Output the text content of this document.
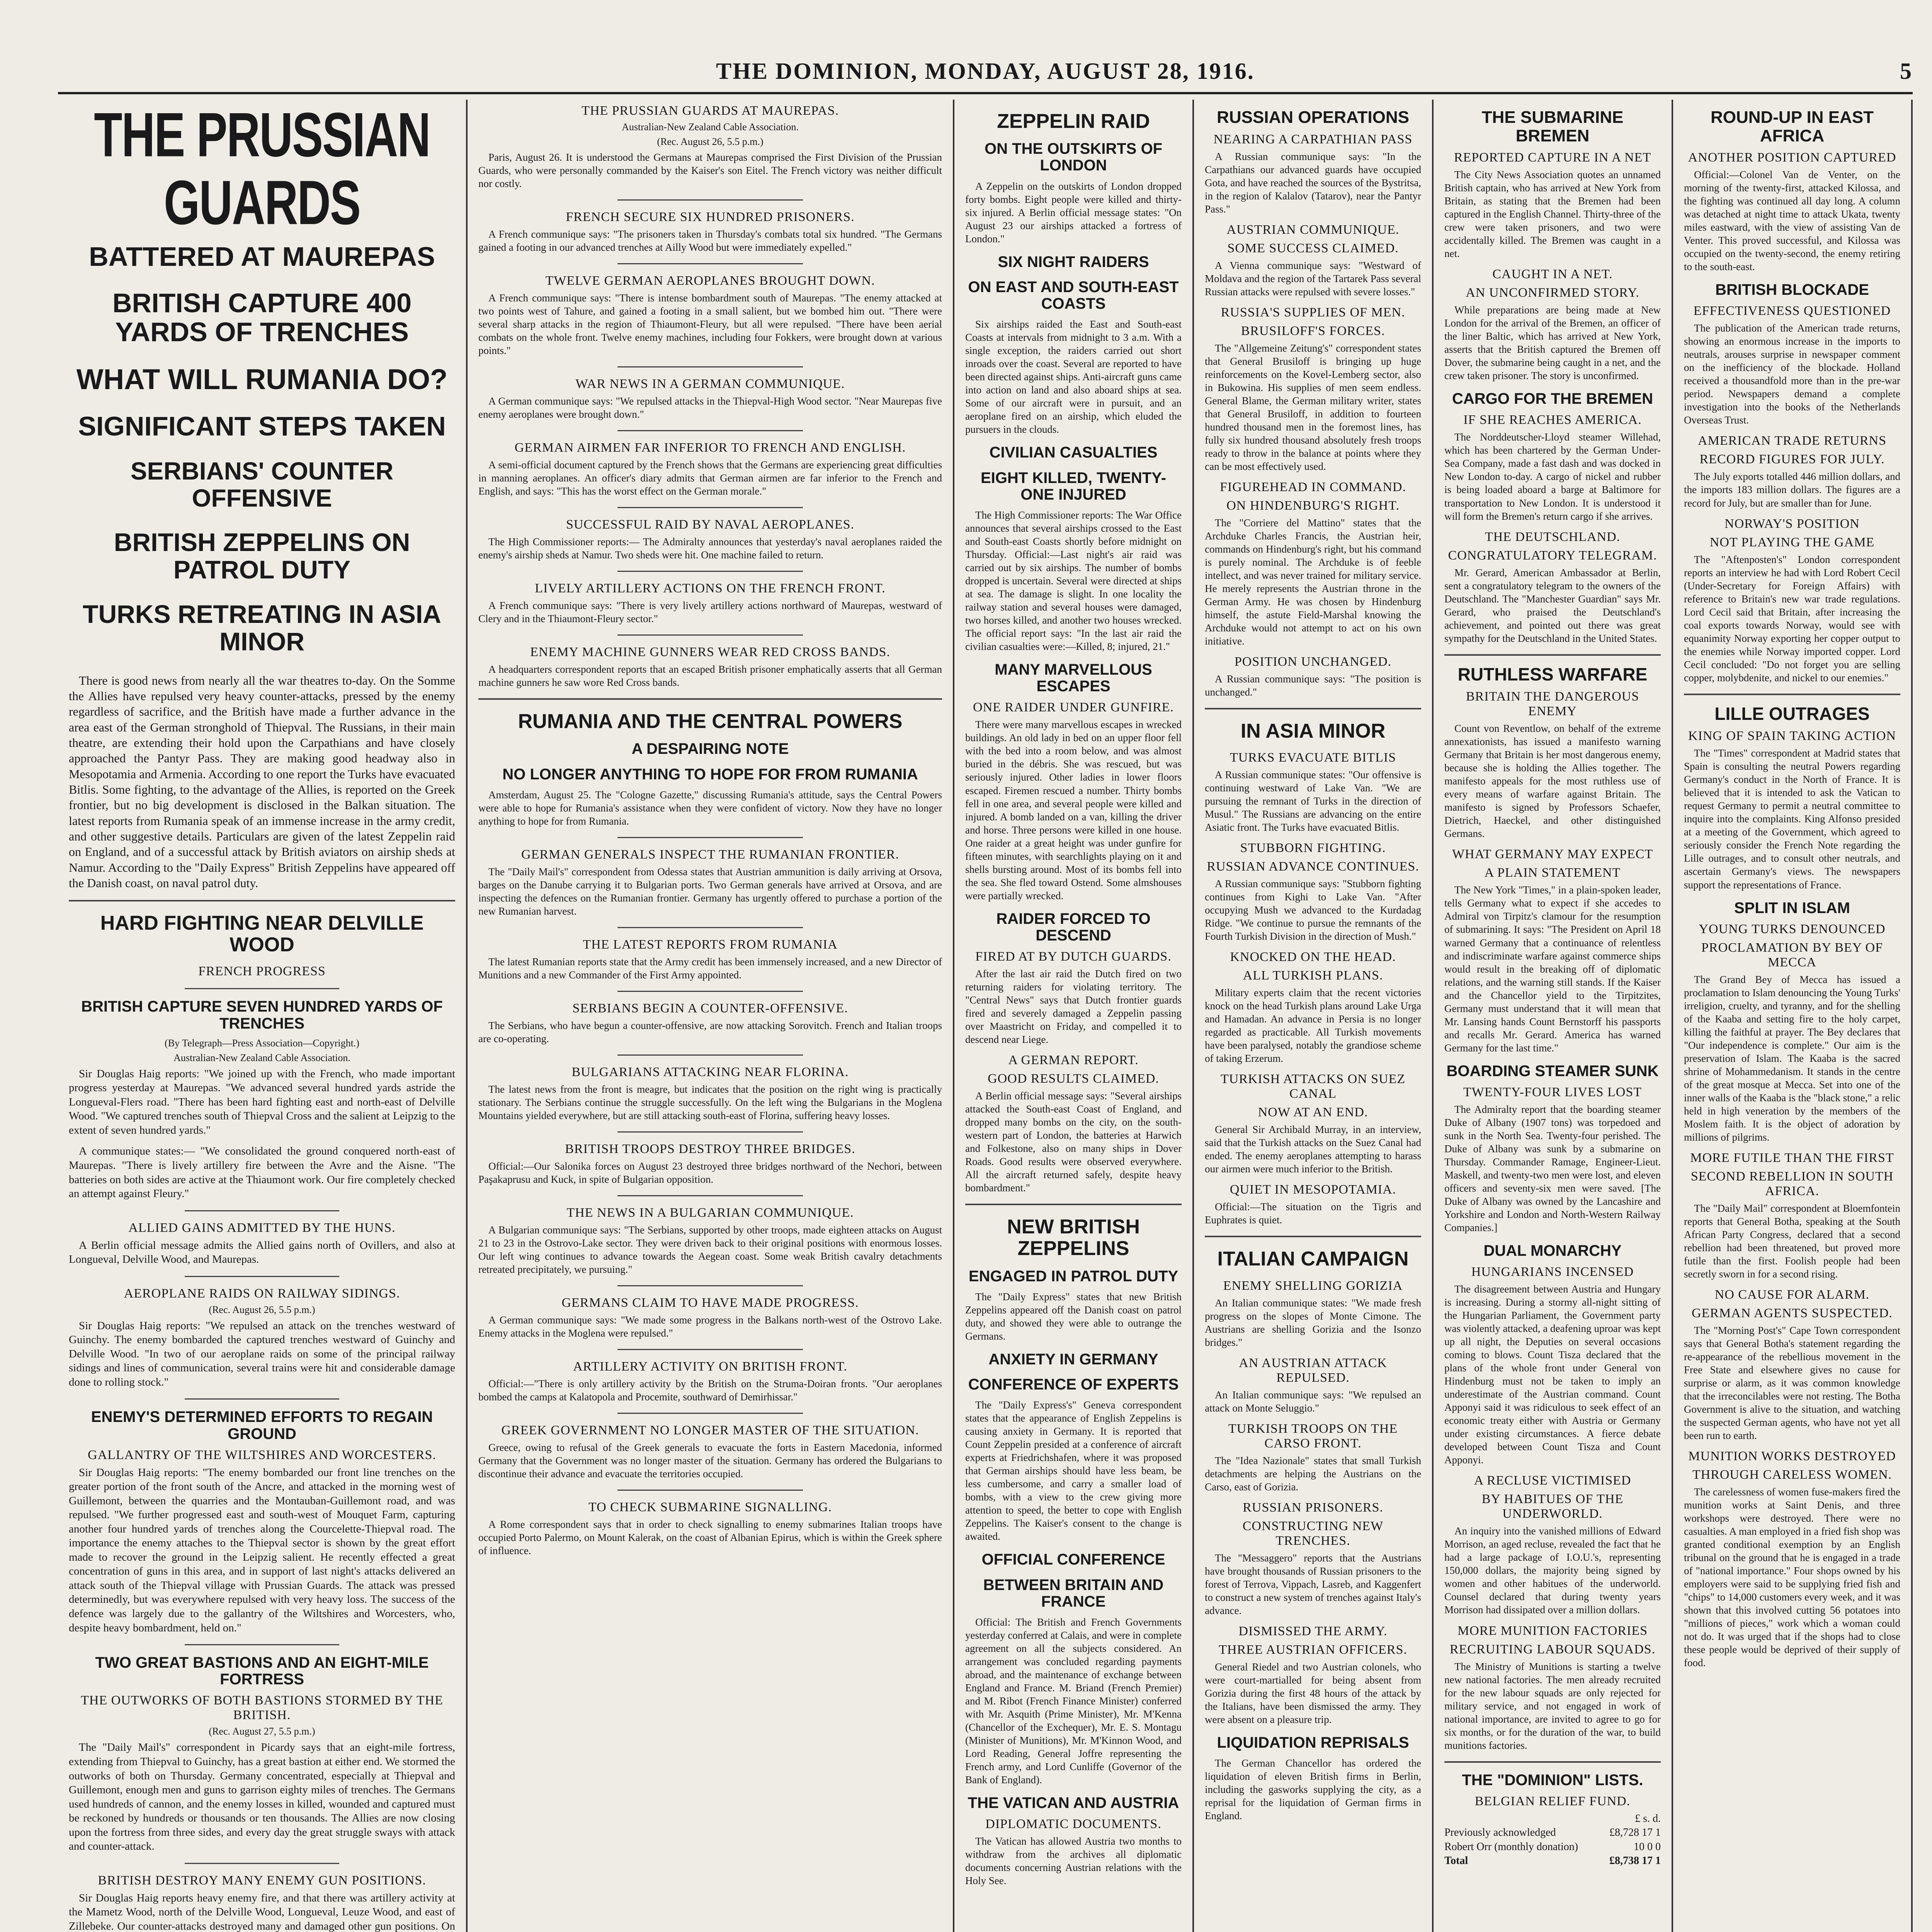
THE DOMINION, MONDAY, AUGUST 28, 1916.	5
THE PRUSSIAN GUARDS
BATTERED AT MAUREPAS
BRITISH CAPTURE 400 YARDS OF TRENCHES
WHAT WILL RUMANIA DO?
SIGNIFICANT STEPS TAKEN
SERBIANS' COUNTER OFFENSIVE
BRITISH ZEPPELINS ON PATROL DUTY
TURKS RETREATING IN ASIA MINOR

There is good news from nearly all the war theatres to-day. On the Somme the Allies have repulsed very heavy counter-attacks, pressed by the enemy regardless of sacrifice, and the British have made a further advance in the area east of the German stronghold of Thiepval. The Russians, in their main theatre, are extending their hold upon the Carpathians and have closely approached the Pantyr Pass. They are making good headway also in Mesopotamia and Armenia. According to one report the Turks have evacuated Bitlis. Some fighting, to the advantage of the Allies, is reported on the Greek frontier, but no big development is disclosed in the Balkan situation. The latest reports from Rumania speak of an immense increase in the army credit, and other suggestive details. Particulars are given of the latest Zeppelin raid on England, and of a successful attack by British aviators on airship sheds at Namur. According to the "Daily Express" British Zeppelins have appeared off the Danish coast, on naval patrol duty.

HARD FIGHTING NEAR DELVILLE WOOD
FRENCH PROGRESS
BRITISH CAPTURE SEVEN HUNDRED YARDS OF TRENCHES
(By Telegraph—Press Association—Copyright.)
Australian-New Zealand Cable Association.

Sir Douglas Haig reports: "We joined up with the French, who made important progress yesterday at Maurepas. "We advanced several hundred yards astride the Longueval-Flers road. "There has been hard fighting east and north-east of Delville Wood. "We captured trenches south of Thiepval Cross and the salient at Leipzig to the extent of seven hundred yards."

A communique states:— "We consolidated the ground conquered north-east of Maurepas. "There is lively artillery fire between the Avre and the Aisne. "The batteries on both sides are active at the Thiaumont work. Our fire completely checked an attempt against Fleury."

ALLIED GAINS ADMITTED BY THE HUNS.

A Berlin official message admits the Allied gains north of Ovillers, and also at Longueval, Delville Wood, and Maurepas.

AEROPLANE RAIDS ON RAILWAY SIDINGS.
(Rec. August 26, 5.5 p.m.)

Sir Douglas Haig reports: "We repulsed an attack on the trenches westward of Guinchy. The enemy bombarded the captured trenches westward of Guinchy and Delville Wood. "In two of our aeroplane raids on some of the principal railway sidings and lines of communication, several trains were hit and considerable damage done to rolling stock."

ENEMY'S DETERMINED EFFORTS TO REGAIN GROUND
GALLANTRY OF THE WILTSHIRES AND WORCESTERS.

Sir Douglas Haig reports: "The enemy bombarded our front line trenches on the greater portion of the front south of the Ancre, and attacked in the morning west of Guillemont, between the quarries and the Montauban-Guillemont road, and was repulsed. "We further progressed east and south-west of Mouquet Farm, capturing another four hundred yards of trenches along the Courcelette-Thiepval road. The importance the enemy attaches to the Thiepval sector is shown by the great effort made to recover the ground in the Leipzig salient. He recently effected a great concentration of guns in this area, and in support of last night's attacks delivered an attack south of the Thiepval village with Prussian Guards. The attack was pressed determinedly, but was everywhere repulsed with very heavy loss. The success of the defence was largely due to the gallantry of the Wiltshires and Worcesters, who, despite heavy bombardment, held on."

TWO GREAT BASTIONS AND AN EIGHT-MILE FORTRESS
THE OUTWORKS OF BOTH BASTIONS STORMED BY THE BRITISH.
(Rec. August 27, 5.5 p.m.)

The "Daily Mail's" correspondent in Picardy says that an eight-mile fortress, extending from Thiepval to Guinchy, has a great bastion at either end. We stormed the outworks of both on Thursday. Germany concentrated, especially at Thiepval and Guillemont, enough men and guns to garrison eighty miles of trenches. The Germans used hundreds of cannon, and the enemy losses in killed, wounded and captured must be reckoned by hundreds or thousands or ten thousands. The Allies are now closing upon the fortress from three sides, and every day the great struggle sways with attack and counter-attack.

BRITISH DESTROY MANY ENEMY GUN POSITIONS.

Sir Douglas Haig reports heavy enemy fire, and that there was artillery activity at the Mametz Wood, north of the Delville Wood, Longueval, Leuze Wood, and east of Zillebeke. Our counter-attacks destroyed many and damaged other gun positions. On

THE PRUSSIAN GUARDS AT MAUREPAS.
Australian-New Zealand Cable Association.
(Rec. August 26, 5.5 p.m.)

Paris, August 26. It is understood the Germans at Maurepas comprised the First Division of the Prussian Guards, who were personally commanded by the Kaiser's son Eitel. The French victory was neither difficult nor costly.

FRENCH SECURE SIX HUNDRED PRISONERS.

A French communique says: "The prisoners taken in Thursday's combats total six hundred. "The Germans gained a footing in our advanced trenches at Ailly Wood but were immediately expelled."

TWELVE GERMAN AEROPLANES BROUGHT DOWN.

A French communique says: "There is intense bombardment south of Maurepas. "The enemy attacked at two points west of Tahure, and gained a footing in a small salient, but we bombed him out. "There were several sharp attacks in the region of Thiaumont-Fleury, but all were repulsed. "There have been aerial combats on the whole front. Twelve enemy machines, including four Fokkers, were brought down at various points."

WAR NEWS IN A GERMAN COMMUNIQUE.

A German communique says: "We repulsed attacks in the Thiepval-High Wood sector. "Near Maurepas five enemy aeroplanes were brought down."

GERMAN AIRMEN FAR INFERIOR TO FRENCH AND ENGLISH.

A semi-official document captured by the French shows that the Germans are experiencing great difficulties in manning aeroplanes. An officer's diary admits that German airmen are far inferior to the French and English, and says: "This has the worst effect on the German morale."

SUCCESSFUL RAID BY NAVAL AEROPLANES.

The High Commissioner reports:— The Admiralty announces that yesterday's naval aeroplanes raided the enemy's airship sheds at Namur. Two sheds were hit. One machine failed to return.

LIVELY ARTILLERY ACTIONS ON THE FRENCH FRONT.

A French communique says: "There is very lively artillery actions northward of Maurepas, westward of Clery and in the Thiaumont-Fleury sector."

ENEMY MACHINE GUNNERS WEAR RED CROSS BANDS.

A headquarters correspondent reports that an escaped British prisoner emphatically asserts that all German machine gunners he saw wore Red Cross bands.

RUMANIA AND THE CENTRAL POWERS
A DESPAIRING NOTE
NO LONGER ANYTHING TO HOPE FOR FROM RUMANIA

Amsterdam, August 25. The "Cologne Gazette," discussing Rumania's attitude, says the Central Powers were able to hope for Rumania's assistance when they were confident of victory. Now they have no longer anything to hope for from Rumania.

GERMAN GENERALS INSPECT THE RUMANIAN FRONTIER.

The "Daily Mail's" correspondent from Odessa states that Austrian ammunition is daily arriving at Orsova, barges on the Danube carrying it to Bulgarian ports. Two German generals have arrived at Orsova, and are inspecting the defences on the Rumanian frontier. Germany has urgently offered to purchase a portion of the new Rumanian harvest.

THE LATEST REPORTS FROM RUMANIA

The latest Rumanian reports state that the Army credit has been immensely increased, and a new Director of Munitions and a new Commander of the First Army appointed.

SERBIANS BEGIN A COUNTER-OFFENSIVE.

The Serbians, who have begun a counter-offensive, are now attacking Sorovitch. French and Italian troops are co-operating.

BULGARIANS ATTACKING NEAR FLORINA.

The latest news from the front is meagre, but indicates that the position on the right wing is practically stationary. The Serbians continue the struggle successfully. On the left wing the Bulgarians in the Moglena Mountains yielded everywhere, but are still attacking south-east of Florina, suffering heavy losses.

BRITISH TROOPS DESTROY THREE BRIDGES.

Official:—Our Salonika forces on August 23 destroyed three bridges northward of the Nechori, between Paşakaprusu and Kuck, in spite of Bulgarian opposition.

THE NEWS IN A BULGARIAN COMMUNIQUE.

A Bulgarian communique says: "The Serbians, supported by other troops, made eighteen attacks on August 21 to 23 in the Ostrovo-Lake sector. They were driven back to their original positions with enormous losses. Our left wing continues to advance towards the Aegean coast. Some weak British cavalry detachments retreated precipitately, we pursuing."

GERMANS CLAIM TO HAVE MADE PROGRESS.

A German communique says: "We made some progress in the Balkans north-west of the Ostrovo Lake. Enemy attacks in the Moglena were repulsed."

ARTILLERY ACTIVITY ON BRITISH FRONT.

Official:—"There is only artillery activity by the British on the Struma-Doiran fronts. "Our aeroplanes bombed the camps at Kalatopola and Procemite, southward of Demirhissar."

GREEK GOVERNMENT NO LONGER MASTER OF THE SITUATION.

Greece, owing to refusal of the Greek generals to evacuate the forts in Eastern Macedonia, informed Germany that the Government was no longer master of the situation. Germany has ordered the Bulgarians to discontinue their advance and evacuate the territories occupied.

TO CHECK SUBMARINE SIGNALLING.

A Rome correspondent says that in order to check signalling to enemy submarines Italian troops have occupied Porto Palermo, on Mount Kalerak, on the coast of Albanian Epirus, which is within the Greek sphere of influence.

ZEPPELIN RAID
ON THE OUTSKIRTS OF LONDON

A Zeppelin on the outskirts of London dropped forty bombs. Eight people were killed and thirty-six injured. A Berlin official message states: "On August 23 our airships attacked a fortress of London."

SIX NIGHT RAIDERS
ON EAST AND SOUTH-EAST COASTS

Six airships raided the East and South-east Coasts at intervals from midnight to 3 a.m. With a single exception, the raiders carried out short inroads over the coast. Several are reported to have been directed against ships. Anti-aircraft guns came into action on land and also aboard ships at sea. Some of our aircraft were in pursuit, and an aeroplane fired on an airship, which eluded the pursuers in the clouds.

CIVILIAN CASUALTIES
EIGHT KILLED, TWENTY-ONE INJURED

The High Commissioner reports: The War Office announces that several airships crossed to the East and South-east Coasts shortly before midnight on Thursday. Official:—Last night's air raid was carried out by six airships. The number of bombs dropped is uncertain. Several were directed at ships at sea. The damage is slight. In one locality the railway station and several houses were damaged, two horses killed, and another two houses wrecked. The official report says: "In the last air raid the civilian casualties were:—Killed, 8; injured, 21."

MANY MARVELLOUS ESCAPES
ONE RAIDER UNDER GUNFIRE.

There were many marvellous escapes in wrecked buildings. An old lady in bed on an upper floor fell with the bed into a room below, and was almost buried in the débris. She was rescued, but was seriously injured. Other ladies in lower floors escaped. Firemen rescued a number. Thirty bombs fell in one area, and several people were killed and injured. A bomb landed on a van, killing the driver and horse. Three persons were killed in one house. One raider at a great height was under gunfire for fifteen minutes, with searchlights playing on it and shells bursting around. Most of its bombs fell into the sea. She fled toward Ostend. Some almshouses were partially wrecked.

RAIDER FORCED TO DESCEND
FIRED AT BY DUTCH GUARDS.

After the last air raid the Dutch fired on two returning raiders for violating territory. The "Central News" says that Dutch frontier guards fired and severely damaged a Zeppelin passing over Maastricht on Friday, and compelled it to descend near Liege.

A GERMAN REPORT.
GOOD RESULTS CLAIMED.

A Berlin official message says: "Several airships attacked the South-east Coast of England, and dropped many bombs on the city, on the south-western part of London, the batteries at Harwich and Folkestone, also on many ships in Dover Roads. Good results were observed everywhere. All the aircraft returned safely, despite heavy bombardment."

NEW BRITISH ZEPPELINS
ENGAGED IN PATROL DUTY

The "Daily Express" states that new British Zeppelins appeared off the Danish coast on patrol duty, and showed they were able to outrange the Germans.

ANXIETY IN GERMANY
CONFERENCE OF EXPERTS

The "Daily Express's" Geneva correspondent states that the appearance of English Zeppelins is causing anxiety in Germany. It is reported that Count Zeppelin presided at a conference of aircraft experts at Friedrichshafen, where it was proposed that German airships should have less beam, be less cumbersome, and carry a smaller load of bombs, with a view to the crew giving more attention to speed, the better to cope with English Zeppelins. The Kaiser's consent to the change is awaited.

OFFICIAL CONFERENCE
BETWEEN BRITAIN AND FRANCE

Official: The British and French Governments yesterday conferred at Calais, and were in complete agreement on all the subjects considered. An arrangement was concluded regarding payments abroad, and the maintenance of exchange between England and France. M. Briand (French Premier) and M. Ribot (French Finance Minister) conferred with Mr. Asquith (Prime Minister), Mr. M'Kenna (Chancellor of the Exchequer), Mr. E. S. Montagu (Minister of Munitions), Mr. M'Kinnon Wood, and Lord Reading, General Joffre representing the French army, and Lord Cunliffe (Governor of the Bank of England).

THE VATICAN AND AUSTRIA
DIPLOMATIC DOCUMENTS.

The Vatican has allowed Austria two months to withdraw from the archives all diplomatic documents concerning Austrian relations with the Holy See.

RUSSIAN OPERATIONS
NEARING A CARPATHIAN PASS

A Russian communique says: "In the Carpathians our advanced guards have occupied Gota, and have reached the sources of the Bystritsa, in the region of Kalalov (Tatarov), near the Pantyr Pass."

AUSTRIAN COMMUNIQUE.
SOME SUCCESS CLAIMED.

A Vienna communique says: "Westward of Moldava and the region of the Tartarek Pass several Russian attacks were repulsed with severe losses."

RUSSIA'S SUPPLIES OF MEN.
BRUSILOFF'S FORCES.

The "Allgemeine Zeitung's" correspondent states that General Brusiloff is bringing up huge reinforcements on the Kovel-Lemberg sector, also in Bukowina. His supplies of men seem endless. General Blame, the German military writer, states that General Brusiloff, in addition to fourteen hundred thousand men in the foremost lines, has fully six hundred thousand absolutely fresh troops ready to throw in the balance at points where they can be most effectively used.

FIGUREHEAD IN COMMAND.
ON HINDENBURG'S RIGHT.

The "Corriere del Mattino" states that the Archduke Charles Francis, the Austrian heir, commands on Hindenburg's right, but his command is purely nominal. The Archduke is of feeble intellect, and was never trained for military service. He merely represents the Austrian throne in the German Army. He was chosen by Hindenburg himself, the astute Field-Marshal knowing the Archduke would not attempt to act on his own initiative.

POSITION UNCHANGED.

A Russian communique says: "The position is unchanged."

IN ASIA MINOR
TURKS EVACUATE BITLIS

A Russian communique states: "Our offensive is continuing westward of Lake Van. "We are pursuing the remnant of Turks in the direction of Musul." The Russians are advancing on the entire Asiatic front. The Turks have evacuated Bitlis.

STUBBORN FIGHTING.
RUSSIAN ADVANCE CONTINUES.

A Russian communique says: "Stubborn fighting continues from Kighi to Lake Van. "After occupying Mush we advanced to the Kurdadag Ridge. "We continue to pursue the remnants of the Fourth Turkish Division in the direction of Mush."

KNOCKED ON THE HEAD.
ALL TURKISH PLANS.

Military experts claim that the recent victories knock on the head Turkish plans around Lake Urga and Hamadan. An advance in Persia is no longer regarded as practicable. All Turkish movements have been paralysed, notably the grandiose scheme of taking Erzerum.

TURKISH ATTACKS ON SUEZ CANAL
NOW AT AN END.

General Sir Archibald Murray, in an interview, said that the Turkish attacks on the Suez Canal had ended. The enemy aeroplanes attempting to harass our airmen were much inferior to the British.

QUIET IN MESOPOTAMIA.

Official:—The situation on the Tigris and Euphrates is quiet.

ITALIAN CAMPAIGN
ENEMY SHELLING GORIZIA

An Italian communique states: "We made fresh progress on the slopes of Monte Cimone. The Austrians are shelling Gorizia and the Isonzo bridges."

AN AUSTRIAN ATTACK REPULSED.

An Italian communique says: "We repulsed an attack on Monte Seluggio."

TURKISH TROOPS ON THE CARSO FRONT.

The "Idea Nazionale" states that small Turkish detachments are helping the Austrians on the Carso, east of Gorizia.

RUSSIAN PRISONERS.
CONSTRUCTING NEW TRENCHES.

The "Messaggero" reports that the Austrians have brought thousands of Russian prisoners to the forest of Terrova, Vippach, Lasreb, and Kaggenfert to construct a new system of trenches against Italy's advance.

DISMISSED THE ARMY.
THREE AUSTRIAN OFFICERS.

General Riedel and two Austrian colonels, who were court-martialled for being absent from Gorizia during the first 48 hours of the attack by the Italians, have been dismissed the army. They were absent on a pleasure trip.

LIQUIDATION REPRISALS

The German Chancellor has ordered the liquidation of eleven British firms in Berlin, including the gasworks supplying the city, as a reprisal for the liquidation of German firms in England.

THE SUBMARINE BREMEN
REPORTED CAPTURE IN A NET

The City News Association quotes an unnamed British captain, who has arrived at New York from Britain, as stating that the Bremen had been captured in the English Channel. Thirty-three of the crew were taken prisoners, and two were accidentally killed. The Bremen was caught in a net.

CAUGHT IN A NET.
AN UNCONFIRMED STORY.

While preparations are being made at New London for the arrival of the Bremen, an officer of the liner Baltic, which has arrived at New York, asserts that the British captured the Bremen off Dover, the submarine being caught in a net, and the crew taken prisoner. The story is unconfirmed.

CARGO FOR THE BREMEN
IF SHE REACHES AMERICA.

The Norddeutscher-Lloyd steamer Willehad, which has been chartered by the German Under-Sea Company, made a fast dash and was docked in New London to-day. A cargo of nickel and rubber is being loaded aboard a barge at Baltimore for transportation to New London. It is understood it will form the Bremen's return cargo if she arrives.

THE DEUTSCHLAND.
CONGRATULATORY TELEGRAM.

Mr. Gerard, American Ambassador at Berlin, sent a congratulatory telegram to the owners of the Deutschland. The "Manchester Guardian" says Mr. Gerard, who praised the Deutschland's achievement, and pointed out there was great sympathy for the Deutschland in the United States.

RUTHLESS WARFARE
BRITAIN THE DANGEROUS ENEMY

Count von Reventlow, on behalf of the extreme annexationists, has issued a manifesto warning Germany that Britain is her most dangerous enemy, because she is holding the Allies together. The manifesto appeals for the most ruthless use of every means of warfare against Britain. The manifesto is signed by Professors Schaefer, Dietrich, Haeckel, and other distinguished Germans.

WHAT GERMANY MAY EXPECT
A PLAIN STATEMENT

The New York "Times," in a plain-spoken leader, tells Germany what to expect if she accedes to Admiral von Tirpitz's clamour for the resumption of submarining. It says: "The President on April 18 warned Germany that a continuance of relentless and indiscriminate warfare against commerce ships would result in the breaking off of diplomatic relations, and the warning still stands. If the Kaiser and the Chancellor yield to the Tirpitzites, Germany must understand that it will mean that Mr. Lansing hands Count Bernstorff his passports and recalls Mr. Gerard. America has warned Germany for the last time."

BOARDING STEAMER SUNK
TWENTY-FOUR LIVES LOST

The Admiralty report that the boarding steamer Duke of Albany (1907 tons) was torpedoed and sunk in the North Sea. Twenty-four perished. The Duke of Albany was sunk by a submarine on Thursday. Commander Ramage, Engineer-Lieut. Maskell, and twenty-two men were lost, and eleven officers and seventy-six men were saved. [The Duke of Albany was owned by the Lancashire and Yorkshire and London and North-Western Railway Companies.]

DUAL MONARCHY
HUNGARIANS INCENSED

The disagreement between Austria and Hungary is increasing. During a stormy all-night sitting of the Hungarian Parliament, the Government party was violently attacked, a deafening uproar was kept up all night, the Deputies on several occasions coming to blows. Count Tisza declared that the plans of the whole front under General von Hindenburg must not be taken to imply an underestimate of the Austrian command. Count Apponyi said it was ridiculous to seek effect of an economic treaty either with Austria or Germany under existing circumstances. A fierce debate developed between Count Tisza and Count Apponyi.

A RECLUSE VICTIMISED
BY HABITUES OF THE UNDERWORLD.

An inquiry into the vanished millions of Edward Morrison, an aged recluse, revealed the fact that he had a large package of I.O.U.'s, representing 150,000 dollars, the majority being signed by women and other habitues of the underworld. Counsel declared that during twenty years Morrison had dissipated over a million dollars.

MORE MUNITION FACTORIES
RECRUITING LABOUR SQUADS.

The Ministry of Munitions is starting a twelve new national factories. The men already recruited for the new labour squads are only rejected for military service, and not engaged in work of national importance, are invited to agree to go for six months, or for the duration of the war, to build munitions factories.

THE "DOMINION" LISTS.
BELGIAN RELIEF FUND.
£ s. d.
Previously acknowledged	£8,728 17 1
Robert Orr (monthly donation)	10 0 0
Total	£8,738 17 1
ROUND-UP IN EAST AFRICA
ANOTHER POSITION CAPTURED

Official:—Colonel Van de Venter, on the morning of the twenty-first, attacked Kilossa, and the fighting was continued all day long. A column was detached at night time to attack Ukata, twenty miles eastward, with the view of assisting Van de Venter. This proved successful, and Kilossa was occupied on the twenty-second, the enemy retiring to the south-east.

BRITISH BLOCKADE
EFFECTIVENESS QUESTIONED

The publication of the American trade returns, showing an enormous increase in the imports to neutrals, arouses surprise in newspaper comment on the inefficiency of the blockade. Holland received a thousandfold more than in the pre-war period. Newspapers demand a complete investigation into the books of the Netherlands Overseas Trust.

AMERICAN TRADE RETURNS
RECORD FIGURES FOR JULY.

The July exports totalled 446 million dollars, and the imports 183 million dollars. The figures are a record for July, but are smaller than for June.

NORWAY'S POSITION
NOT PLAYING THE GAME

The "Aftenposten's" London correspondent reports an interview he had with Lord Robert Cecil (Under-Secretary for Foreign Affairs) with reference to Britain's new war trade regulations. Lord Cecil said that Britain, after increasing the coal exports towards Norway, would see with equanimity Norway exporting her copper output to the enemies while Norway imported copper. Lord Cecil concluded: "Do not forget you are selling copper, molybdenite, and nickel to our enemies."

LILLE OUTRAGES
KING OF SPAIN TAKING ACTION

The "Times" correspondent at Madrid states that Spain is consulting the neutral Powers regarding Germany's conduct in the North of France. It is believed that it is intended to ask the Vatican to request Germany to permit a neutral committee to inquire into the complaints. King Alfonso presided at a meeting of the Government, which agreed to seriously consider the French Note regarding the Lille outrages, and to consult other neutrals, and ascertain Germany's views. The newspapers support the representations of France.

SPLIT IN ISLAM
YOUNG TURKS DENOUNCED
PROCLAMATION BY BEY OF MECCA

The Grand Bey of Mecca has issued a proclamation to Islam denouncing the Young Turks' irreligion, cruelty, and tyranny, and for the shelling of the Kaaba and setting fire to the holy carpet, killing the faithful at prayer. The Bey declares that "Our independence is complete." Our aim is the preservation of Islam. The Kaaba is the sacred shrine of Mohammedanism. It stands in the centre of the great mosque at Mecca. Set into one of the inner walls of the Kaaba is the "black stone," a relic held in high veneration by the members of the Moslem faith. It is the object of adoration by millions of pilgrims.

MORE FUTILE THAN THE FIRST
SECOND REBELLION IN SOUTH AFRICA.

The "Daily Mail" correspondent at Bloemfontein reports that General Botha, speaking at the South African Party Congress, declared that a second rebellion had been threatened, but proved more futile than the first. Foolish people had been secretly sworn in for a second rising.

NO CAUSE FOR ALARM.
GERMAN AGENTS SUSPECTED.

The "Morning Post's" Cape Town correspondent says that General Botha's statement regarding the re-appearance of the rebellious movement in the Free State and elsewhere gives no cause for surprise or alarm, as it was common knowledge that the irreconcilables were not resting. The Botha Government is alive to the situation, and watching the suspected German agents, who have not yet all been run to earth.

MUNITION WORKS DESTROYED
THROUGH CARELESS WOMEN.

The carelessness of women fuse-makers fired the munition works at Saint Denis, and three workshops were destroyed. There were no casualties. A man employed in a fried fish shop was granted conditional exemption by an English tribunal on the ground that he is engaged in a trade of "national importance." Four shops owned by his employers were said to be supplying fried fish and "chips" to 14,000 customers every week, and it was shown that this involved cutting 56 potatoes into "millions of pieces," work which a woman could not do. It was urged that if the shops had to close these people would be deprived of their supply of food.
